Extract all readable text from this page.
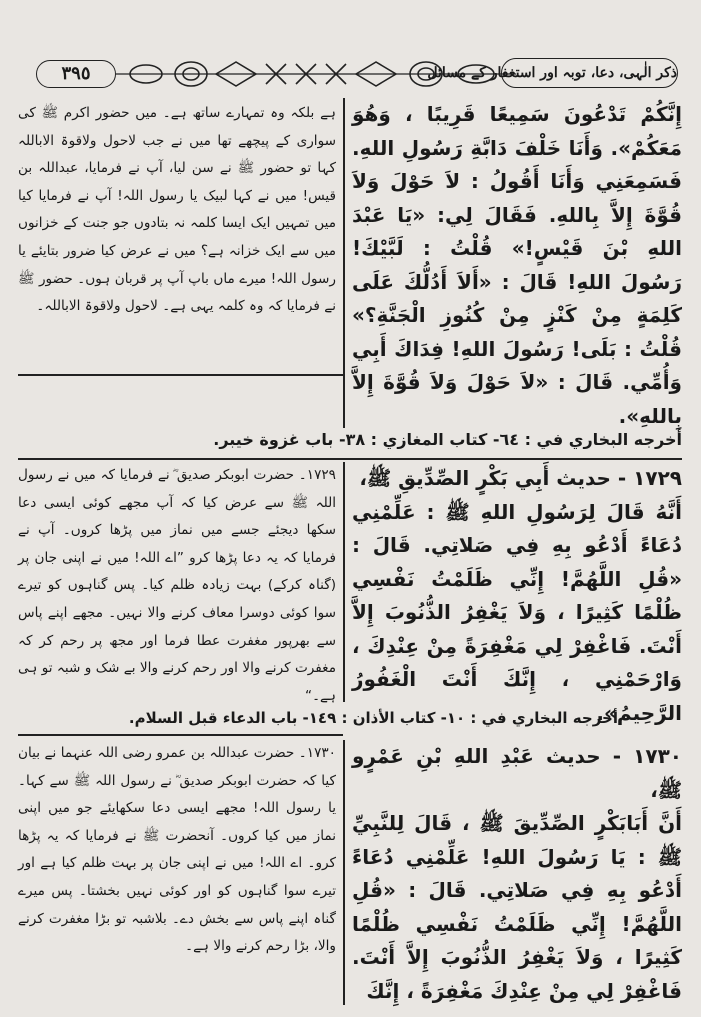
٣٩٥	ذکر الٰہی، دعا، توبہ اور استغفار کے مسائل
إِنَّكُمْ تَدْعُونَ سَمِيعًا قَرِيبًا ، وَهُوَ مَعَكُمْ». وَأَنَا خَلْفَ دَابَّةِ رَسُولِ اللهِ. فَسَمِعَنِي وَأَنَا أَقُولُ : لاَ حَوْلَ وَلاَ قُوَّةَ إِلاَّ بِاللهِ. فَقَالَ لِي: «يَا عَبْدَ اللهِ بْنَ قَيْسٍ!» قُلْتُ : لَبَّيْكَ! رَسُولَ اللهِ! قَالَ : «أَلاَ أَدُلُّكَ عَلَى كَلِمَةٍ مِنْ كَنْزٍ مِنْ كُنُوزِ الْجَنَّةِ؟» قُلْتُ : بَلَى! رَسُولَ اللهِ! فِدَاكَ أَبِي وَأُمِّي. قَالَ : «لاَ حَوْلَ وَلاَ قُوَّةَ إِلاَّ بِاللهِ».
ہے بلکہ وہ تمہارے ساتھ ہے۔ میں حضور اکرم ﷺ کی سواری کے پیچھے تھا میں نے جب لاحول ولاقوۃ الاباللہ کہا تو حضور ﷺ نے سن لیا، آپ نے فرمایا، عبداللہ بن قیس! میں نے کہا لبیک یا رسول اللہ! آپ نے فرمایا کیا میں تمہیں ایک ایسا کلمہ نہ بتادوں جو جنت کے خزانوں میں سے ایک خزانہ ہے؟ میں نے عرض کیا ضرور بتایئے یا رسول اللہ! میرے ماں باپ آپ پر قربان ہوں۔ حضور ﷺ نے فرمایا کہ وہ کلمہ یہی ہے۔ لاحول ولاقوۃ الاباللہ۔
أخرجه البخاري في : ٦٤- كتاب المغازي : ٣٨- باب غزوة خيبر.
١٧٢٩ - حديث أَبِي بَكْرٍ الصِّدِّيقِ ﷺ،
أَنَّهُ قَالَ لِرَسُولِ اللهِ ﷺ : عَلِّمْنِي دُعَاءً أَدْعُو بِهِ فِي صَلاتِي. قَالَ : «قُلِ اللَّهُمَّ! إِنِّي ظَلَمْتُ نَفْسِي ظُلْمًا كَثِيرًا ، وَلاَ يَغْفِرُ الذُّنُوبَ إِلاَّ أَنْتَ. فَاغْفِرْ لِي مَغْفِرَةً مِنْ عِنْدِكَ ، وَارْحَمْنِي ، إِنَّكَ أَنْتَ الْغَفُورُ الرَّحِيمُ».
١٧٢٩۔ حضرت ابوبکر صدیق ؓ نے فرمایا کہ میں نے رسول اللہ ﷺ سے عرض کیا کہ آپ مجھے کوئی ایسی دعا سکھا دیجئے جسے میں نماز میں پڑھا کروں۔ آپ نے فرمایا کہ یہ دعا پڑھا کرو ”اے اللہ! میں نے اپنی جان پر (گناہ کرکے) بہت زیادہ ظلم کیا۔ پس گناہوں کو تیرے سوا کوئی دوسرا معاف کرنے والا نہیں۔ مجھے اپنے پاس سے بھرپور مغفرت عطا فرما اور مجھ پر رحم کر کہ مغفرت کرنے والا اور رحم کرنے والا بے شک و شبہ تو ہی ہے۔“
أخرجه البخاري في : ١٠- كتاب الأذان : ١٤٩- باب الدعاء قبل السلام.
١٧٣٠ - حديث عَبْدِ اللهِ بْنِ عَمْرٍو ﷺ،
أَنَّ أَبَابَكْرٍ الصِّدِّيقَ ﷺ ، قَالَ لِلنَّبِيِّ ﷺ : يَا رَسُولَ اللهِ! عَلِّمْنِي دُعَاءً أَدْعُو بِهِ فِي صَلاتِي. قَالَ : «قُلِ اللَّهُمَّ! إِنِّي ظَلَمْتُ نَفْسِي ظُلْمًا كَثِيرًا ، وَلاَ يَغْفِرُ الذُّنُوبَ إِلاَّ أَنْتَ. فَاغْفِرْ لِي مِنْ عِنْدِكَ مَغْفِرَةً ، إِنَّكَ
١٧٣٠۔ حضرت عبداللہ بن عمرو رضی اللہ عنہما نے بیان کیا کہ حضرت ابوبکر صدیق ؓ نے رسول اللہ ﷺ سے کہا۔ یا رسول اللہ! مجھے ایسی دعا سکھایئے جو میں اپنی نماز میں کیا کروں۔ آنحضرت ﷺ نے فرمایا کہ یہ پڑھا کرو۔ اے اللہ! میں نے اپنی جان پر بہت ظلم کیا ہے اور تیرے سوا گناہوں کو اور کوئی نہیں بخشتا۔ پس میرے گناہ اپنے پاس سے بخش دے۔ بلاشبہ تو بڑا مغفرت کرنے والا، بڑا رحم کرنے والا ہے۔
